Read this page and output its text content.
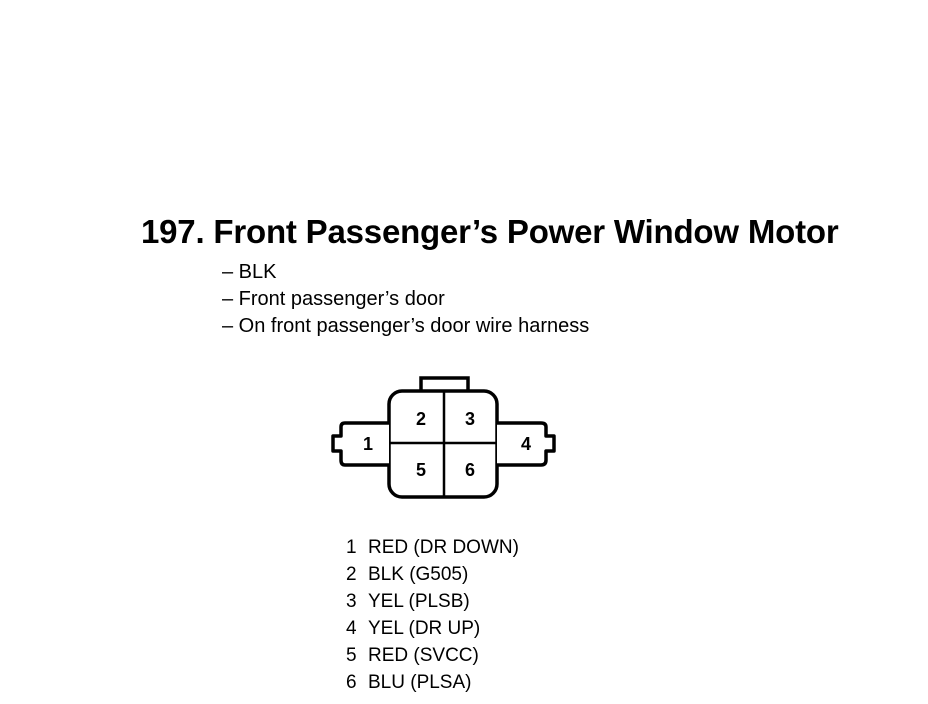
197. Front Passenger’s Power Window Motor
– BLK
– Front passenger’s door
– On front passenger’s door wire harness
1
2 3
4
5 6
1 RED (DR DOWN)
2 BLK (G505)
3 YEL (PLSB)
4 YEL (DR UP)
5 RED (SVCC)
6 BLU (PLSA)
